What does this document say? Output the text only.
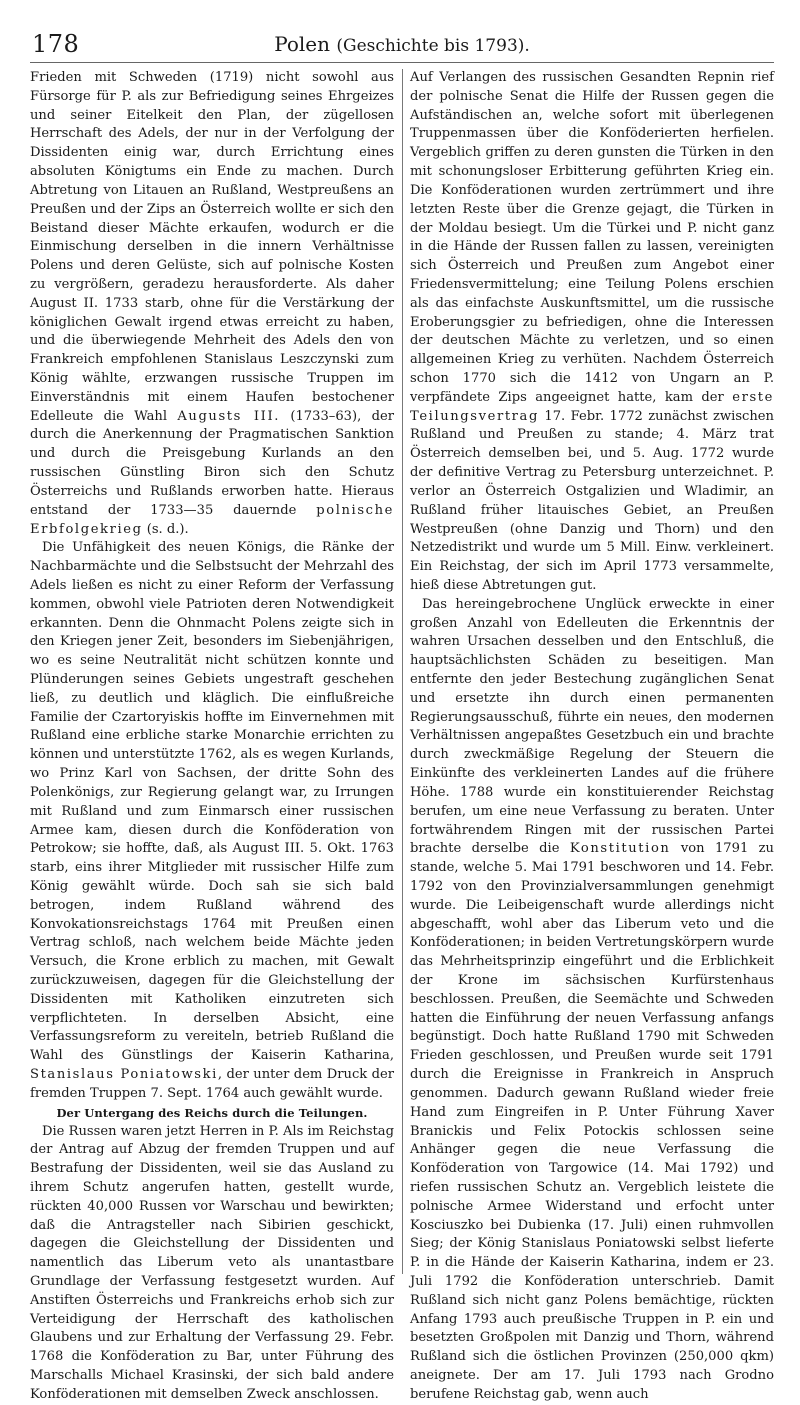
178	Polen (Geschichte bis 1793).

Frieden mit Schweden (1719) nicht sowohl aus Fürsorge für P. als zur Befriedigung seines Ehrgeizes und seiner Eitelkeit den Plan, der zügellosen Herrschaft des Adels, der nur in der Verfolgung der Dissidenten einig war, durch Errichtung eines absoluten Königtums ein Ende zu machen. Durch Abtretung von Litauen an Rußland, Westpreußens an Preußen und der Zips an Österreich wollte er sich den Beistand dieser Mächte erkaufen, wodurch er die Einmischung derselben in die innern Verhältnisse Polens und deren Gelüste, sich auf polnische Kosten zu vergrößern, geradezu herausforderte. Als daher August II. 1733 starb, ohne für die Verstärkung der königlichen Gewalt irgend etwas erreicht zu haben, und die überwiegende Mehrheit des Adels den von Frankreich empfohlenen Stanislaus Leszczynski zum König wählte, erzwangen russische Truppen im Einverständnis mit einem Haufen bestochener Edelleute die Wahl Augusts III. (1733–63), der durch die Anerkennung der Pragmatischen Sanktion und durch die Preisgebung Kurlands an den russischen Günstling Biron sich den Schutz Österreichs und Rußlands erworben hatte. Hieraus entstand der 1733—35 dauernde polnische Erbfolgekrieg (s. d.).

Die Unfähigkeit des neuen Königs, die Ränke der Nachbarmächte und die Selbstsucht der Mehrzahl des Adels ließen es nicht zu einer Reform der Verfassung kommen, obwohl viele Patrioten deren Notwendigkeit erkannten. Denn die Ohnmacht Polens zeigte sich in den Kriegen jener Zeit, besonders im Siebenjährigen, wo es seine Neutralität nicht schützen konnte und Plünderungen seines Gebiets ungestraft geschehen ließ, zu deutlich und kläglich. Die einflußreiche Familie der Czartoryiskis hoffte im Einvernehmen mit Rußland eine erbliche starke Monarchie errichten zu können und unterstützte 1762, als es wegen Kurlands, wo Prinz Karl von Sachsen, der dritte Sohn des Polenkönigs, zur Regierung gelangt war, zu Irrungen mit Rußland und zum Einmarsch einer russischen Armee kam, diesen durch die Konföderation von Petrokow; sie hoffte, daß, als August III. 5. Okt. 1763 starb, eins ihrer Mitglieder mit russischer Hilfe zum König gewählt würde. Doch sah sie sich bald betrogen, indem Rußland während des Konvokationsreichstags 1764 mit Preußen einen Vertrag schloß, nach welchem beide Mächte jeden Versuch, die Krone erblich zu machen, mit Gewalt zurückzuweisen, dagegen für die Gleichstellung der Dissidenten mit Katholiken einzutreten sich verpflichteten. In derselben Absicht, eine Verfassungsreform zu vereiteln, betrieb Rußland die Wahl des Günstlings der Kaiserin Katharina, Stanislaus Poniatowski, der unter dem Druck der fremden Truppen 7. Sept. 1764 auch gewählt wurde.

Der Untergang des Reichs durch die Teilungen.

Die Russen waren jetzt Herren in P. Als im Reichstag der Antrag auf Abzug der fremden Truppen und auf Bestrafung der Dissidenten, weil sie das Ausland zu ihrem Schutz angerufen hatten, gestellt wurde, rückten 40,000 Russen vor Warschau und bewirkten; daß die Antragsteller nach Sibirien geschickt, dagegen die Gleichstellung der Dissidenten und namentlich das Liberum veto als unantastbare Grundlage der Verfassung festgesetzt wurden. Auf Anstiften Österreichs und Frankreichs erhob sich zur Verteidigung der Herrschaft des katholischen Glaubens und zur Erhaltung der Verfassung 29. Febr. 1768 die Konföderation zu Bar, unter Führung des Marschalls Michael Krasinski, der sich bald andere Konföderationen mit demselben Zweck anschlossen.

Auf Verlangen des russischen Gesandten Repnin rief der polnische Senat die Hilfe der Russen gegen die Aufständischen an, welche sofort mit überlegenen Truppenmassen über die Konföderierten herfielen. Vergeblich griffen zu deren gunsten die Türken in den mit schonungsloser Erbitterung geführten Krieg ein. Die Konföderationen wurden zertrümmert und ihre letzten Reste über die Grenze gejagt, die Türken in der Moldau besiegt. Um die Türkei und P. nicht ganz in die Hände der Russen fallen zu lassen, vereinigten sich Österreich und Preußen zum Angebot einer Friedensvermittelung; eine Teilung Polens erschien als das einfachste Auskunftsmittel, um die russische Eroberungsgier zu befriedigen, ohne die Interessen der deutschen Mächte zu verletzen, und so einen allgemeinen Krieg zu verhüten. Nachdem Österreich schon 1770 sich die 1412 von Ungarn an P. verpfändete Zips angeeignet hatte, kam der erste Teilungsvertrag 17. Febr. 1772 zunächst zwischen Rußland und Preußen zu stande; 4. März trat Österreich demselben bei, und 5. Aug. 1772 wurde der definitive Vertrag zu Petersburg unterzeichnet. P. verlor an Österreich Ostgalizien und Wladimir, an Rußland früher litauisches Gebiet, an Preußen Westpreußen (ohne Danzig und Thorn) und den Netzedistrikt und wurde um 5 Mill. Einw. verkleinert. Ein Reichstag, der sich im April 1773 versammelte, hieß diese Abtretungen gut.

Das hereingebrochene Unglück erweckte in einer großen Anzahl von Edelleuten die Erkenntnis der wahren Ursachen desselben und den Entschluß, die hauptsächlichsten Schäden zu beseitigen. Man entfernte den jeder Bestechung zugänglichen Senat und ersetzte ihn durch einen permanenten Regierungsausschuß, führte ein neues, den modernen Verhältnissen angepaßtes Gesetzbuch ein und brachte durch zweckmäßige Regelung der Steuern die Einkünfte des verkleinerten Landes auf die frühere Höhe. 1788 wurde ein konstituierender Reichstag berufen, um eine neue Verfassung zu beraten. Unter fortwährendem Ringen mit der russischen Partei brachte derselbe die Konstitution von 1791 zu stande, welche 5. Mai 1791 beschworen und 14. Febr. 1792 von den Provinzialversammlungen genehmigt wurde. Die Leibeigenschaft wurde allerdings nicht abgeschafft, wohl aber das Liberum veto und die Konföderationen; in beiden Vertretungskörpern wurde das Mehrheitsprinzip eingeführt und die Erblichkeit der Krone im sächsischen Kurfürstenhaus beschlossen. Preußen, die Seemächte und Schweden hatten die Einführung der neuen Verfassung anfangs begünstigt. Doch hatte Rußland 1790 mit Schweden Frieden geschlossen, und Preußen wurde seit 1791 durch die Ereignisse in Frankreich in Anspruch genommen. Dadurch gewann Rußland wieder freie Hand zum Eingreifen in P. Unter Führung Xaver Branickis und Felix Potockis schlossen seine Anhänger gegen die neue Verfassung die Konföderation von Targowice (14. Mai 1792) und riefen russischen Schutz an. Vergeblich leistete die polnische Armee Widerstand und erfocht unter Kosciuszko bei Dubienka (17. Juli) einen ruhmvollen Sieg; der König Stanislaus Poniatowski selbst lieferte P. in die Hände der Kaiserin Katharina, indem er 23. Juli 1792 die Konföderation unterschrieb. Damit Rußland sich nicht ganz Polens bemächtige, rückten Anfang 1793 auch preußische Truppen in P. ein und besetzten Großpolen mit Danzig und Thorn, während Rußland sich die östlichen Provinzen (250,000 qkm) aneignete. Der am 17. Juli 1793 nach Grodno berufene Reichstag gab, wenn auch
